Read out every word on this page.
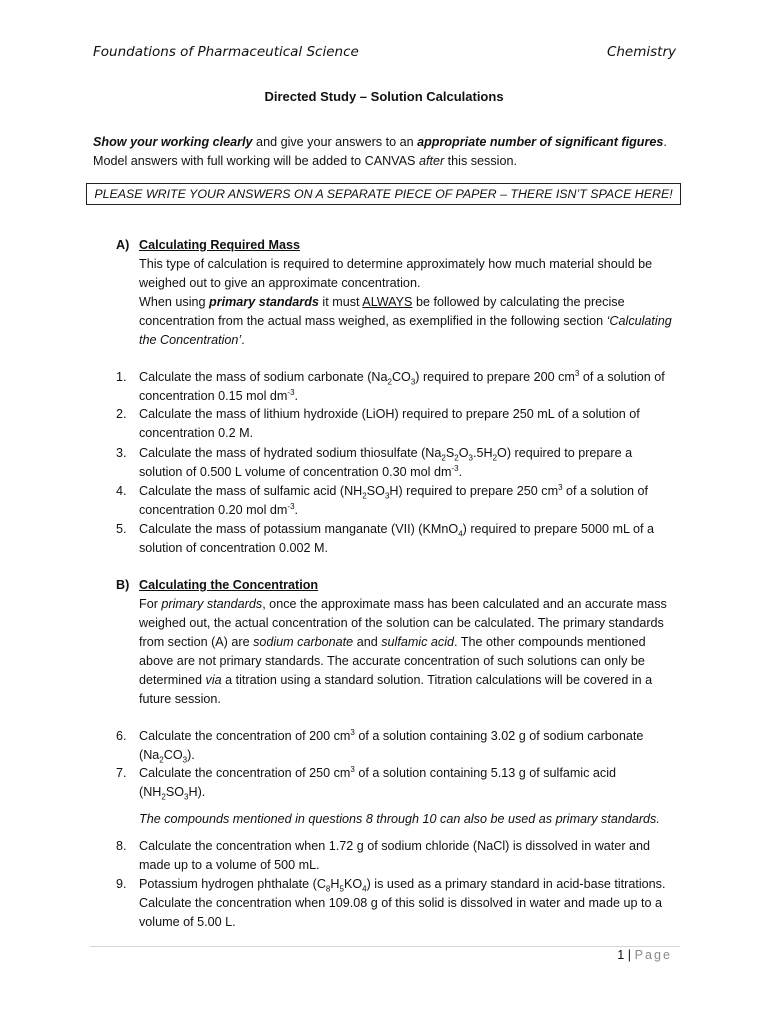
Foundations of Pharmaceutical Science	Chemistry
Directed Study – Solution Calculations
Show your working clearly and give your answers to an appropriate number of significant figures.
Model answers with full working will be added to CANVAS after this session.
PLEASE WRITE YOUR ANSWERS ON A SEPARATE PIECE OF PAPER – THERE ISN’T SPACE HERE!
A) Calculating Required Mass
This type of calculation is required to determine approximately how much material should be weighed out to give an approximate concentration.
When using primary standards it must ALWAYS be followed by calculating the precise concentration from the actual mass weighed, as exemplified in the following section ‘Calculating the Concentration’.
1. Calculate the mass of sodium carbonate $(Na_2CO_3)$ required to prepare 200 $cm^3$ of a solution of concentration 0.15 mol $dm^{-3}$.
2. Calculate the mass of lithium hydroxide (LiOH) required to prepare 250 mL of a solution of concentration 0.2 M.
3. Calculate the mass of hydrated sodium thiosulfate $(Na_2S_2O_3.5H_2O)$ required to prepare a solution of 0.500 L volume of concentration 0.30 mol $dm^{-3}$.
4. Calculate the mass of sulfamic acid $(NH_2SO_3H)$ required to prepare 250 $cm^3$ of a solution of concentration 0.20 mol $dm^{-3}$.
5. Calculate the mass of potassium manganate (VII) (KMnO$_4$) required to prepare 5000 mL of a solution of concentration 0.002 M.
B) Calculating the Concentration
For primary standards, once the approximate mass has been calculated and an accurate mass weighed out, the actual concentration of the solution can be calculated. The primary standards from section (A) are sodium carbonate and sulfamic acid. The other compounds mentioned above are not primary standards. The accurate concentration of such solutions can only be determined via a titration using a standard solution. Titration calculations will be covered in a future session.
6. Calculate the concentration of 200 $cm^3$ of a solution containing 3.02 g of sodium carbonate $(Na_2CO_3)$.
7. Calculate the concentration of 250 $cm^3$ of a solution containing 5.13 g of sulfamic acid $(NH_2SO_3H)$.
The compounds mentioned in questions 8 through 10 can also be used as primary standards.
8. Calculate the concentration when 1.72 g of sodium chloride (NaCl) is dissolved in water and made up to a volume of 500 mL.
9. Potassium hydrogen phthalate $(C_8H_5KO_4)$ is used as a primary standard in acid-base titrations. Calculate the concentration when 109.08 g of this solid is dissolved in water and made up to a volume of 5.00 L.
1 | Page
